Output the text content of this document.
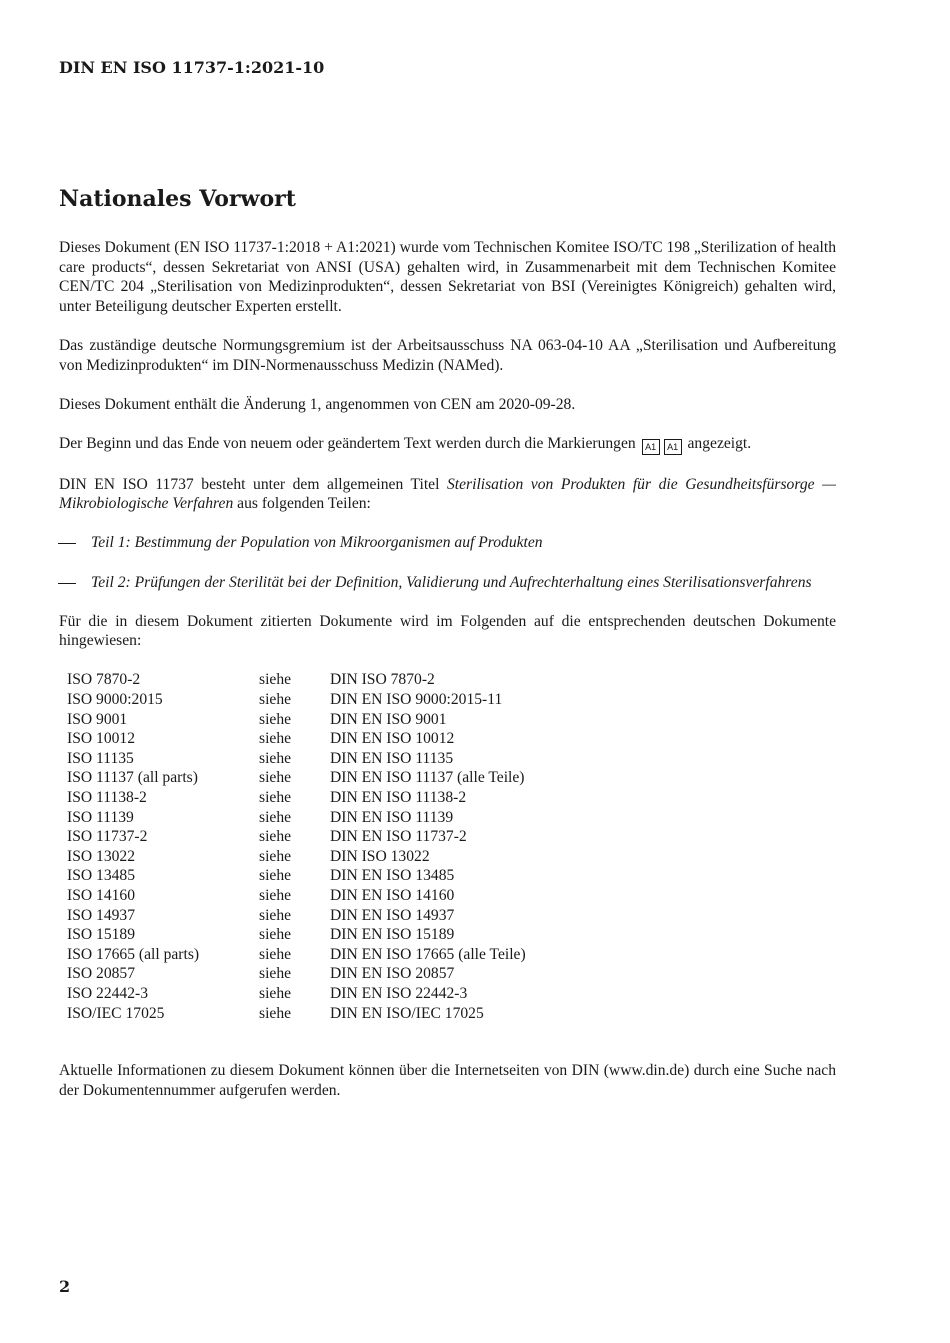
DIN EN ISO 11737-1:2021-10
Nationales Vorwort

Dieses Dokument (EN ISO 11737-1:2018 + A1:2021) wurde vom Technischen Komitee ISO/TC 198 „Sterilization of health care products“, dessen Sekretariat von ANSI (USA) gehalten wird, in Zusammenarbeit mit dem Technischen Komitee CEN/TC 204 „Sterilisation von Medizinprodukten“, dessen Sekretariat von BSI (Vereinigtes Königreich) gehalten wird, unter Beteiligung deutscher Experten erstellt.

Das zuständige deutsche Normungsgremium ist der Arbeitsausschuss NA 063-04-10 AA „Sterilisation und Aufbereitung von Medizinprodukten“ im DIN-Normenausschuss Medizin (NAMed).

Dieses Dokument enthält die Änderung 1, angenommen von CEN am 2020-09-28.

Der Beginn und das Ende von neuem oder geändertem Text werden durch die Markierungen A1 A1 angezeigt.

DIN EN ISO 11737 besteht unter dem allgemeinen Titel Sterilisation von Produkten für die Gesundheitsfürsorge — Mikrobiologische Verfahren aus folgenden Teilen:

Teil 1: Bestimmung der Population von Mikroorganismen auf Produkten
Teil 2: Prüfungen der Sterilität bei der Definition, Validierung und Aufrechterhaltung eines Sterilisationsverfahrens

Für die in diesem Dokument zitierten Dokumente wird im Folgenden auf die entsprechenden deutschen Dokumente hingewiesen:

ISO 7870-2	siehe	DIN ISO 7870-2
ISO 9000:2015	siehe	DIN EN ISO 9000:2015-11
ISO 9001	siehe	DIN EN ISO 9001
ISO 10012	siehe	DIN EN ISO 10012
ISO 11135	siehe	DIN EN ISO 11135
ISO 11137 (all parts)	siehe	DIN EN ISO 11137 (alle Teile)
ISO 11138-2	siehe	DIN EN ISO 11138-2
ISO 11139	siehe	DIN EN ISO 11139
ISO 11737-2	siehe	DIN EN ISO 11737-2
ISO 13022	siehe	DIN ISO 13022
ISO 13485	siehe	DIN EN ISO 13485
ISO 14160	siehe	DIN EN ISO 14160
ISO 14937	siehe	DIN EN ISO 14937
ISO 15189	siehe	DIN EN ISO 15189
ISO 17665 (all parts)	siehe	DIN EN ISO 17665 (alle Teile)
ISO 20857	siehe	DIN EN ISO 20857
ISO 22442-3	siehe	DIN EN ISO 22442-3
ISO/IEC 17025	siehe	DIN EN ISO/IEC 17025

Aktuelle Informationen zu diesem Dokument können über die Internetseiten von DIN (www.din.de) durch eine Suche nach der Dokumentennummer aufgerufen werden.

2
